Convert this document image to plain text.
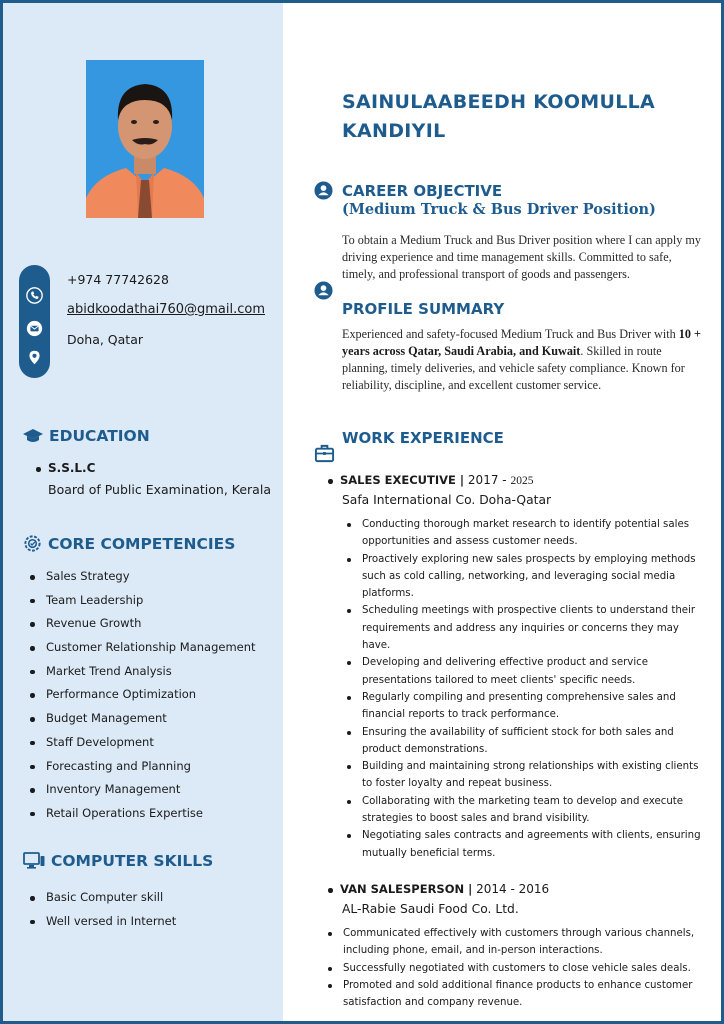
+974 77742628
abidkoodathai760@gmail.com
Doha, Qatar
EDUCATION
S.S.L.C
Board of Public Examination, Kerala
CORE COMPETENCIES
Sales Strategy
Team Leadership
Revenue Growth
Customer Relationship Management
Market Trend Analysis
Performance Optimization
Budget Management
Staff Development
Forecasting and Planning
Inventory Management
Retail Operations Expertise
COMPUTER SKILLS
Basic Computer skill
Well versed in Internet
SAINULAABEEDH KOOMULLA KANDIYIL
CAREER OBJECTIVE
(Medium Truck & Bus Driver Position)
To obtain a Medium Truck and Bus Driver position where I can apply my driving experience and time management skills. Committed to safe, timely, and professional transport of goods and passengers.
PROFILE SUMMARY
Experienced and safety-focused Medium Truck and Bus Driver with 10 + years across Qatar, Saudi Arabia, and Kuwait. Skilled in route planning, timely deliveries, and vehicle safety compliance. Known for reliability, discipline, and excellent customer service.
WORK EXPERIENCE
SALES EXECUTIVE | 2017 - 2025
Safa International Co. Doha-Qatar
Conducting thorough market research to identify potential sales opportunities and assess customer needs.
Proactively exploring new sales prospects by employing methods such as cold calling, networking, and leveraging social media platforms.
Scheduling meetings with prospective clients to understand their requirements and address any inquiries or concerns they may have.
Developing and delivering effective product and service presentations tailored to meet clients' specific needs.
Regularly compiling and presenting comprehensive sales and financial reports to track performance.
Ensuring the availability of sufficient stock for both sales and product demonstrations.
Building and maintaining strong relationships with existing clients to foster loyalty and repeat business.
Collaborating with the marketing team to develop and execute strategies to boost sales and brand visibility.
Negotiating sales contracts and agreements with clients, ensuring mutually beneficial terms.
VAN SALESPERSON | 2014 - 2016
AL-Rabie Saudi Food Co. Ltd.
Communicated effectively with customers through various channels, including phone, email, and in-person interactions.
Successfully negotiated with customers to close vehicle sales deals.
Promoted and sold additional finance products to enhance customer satisfaction and company revenue.
